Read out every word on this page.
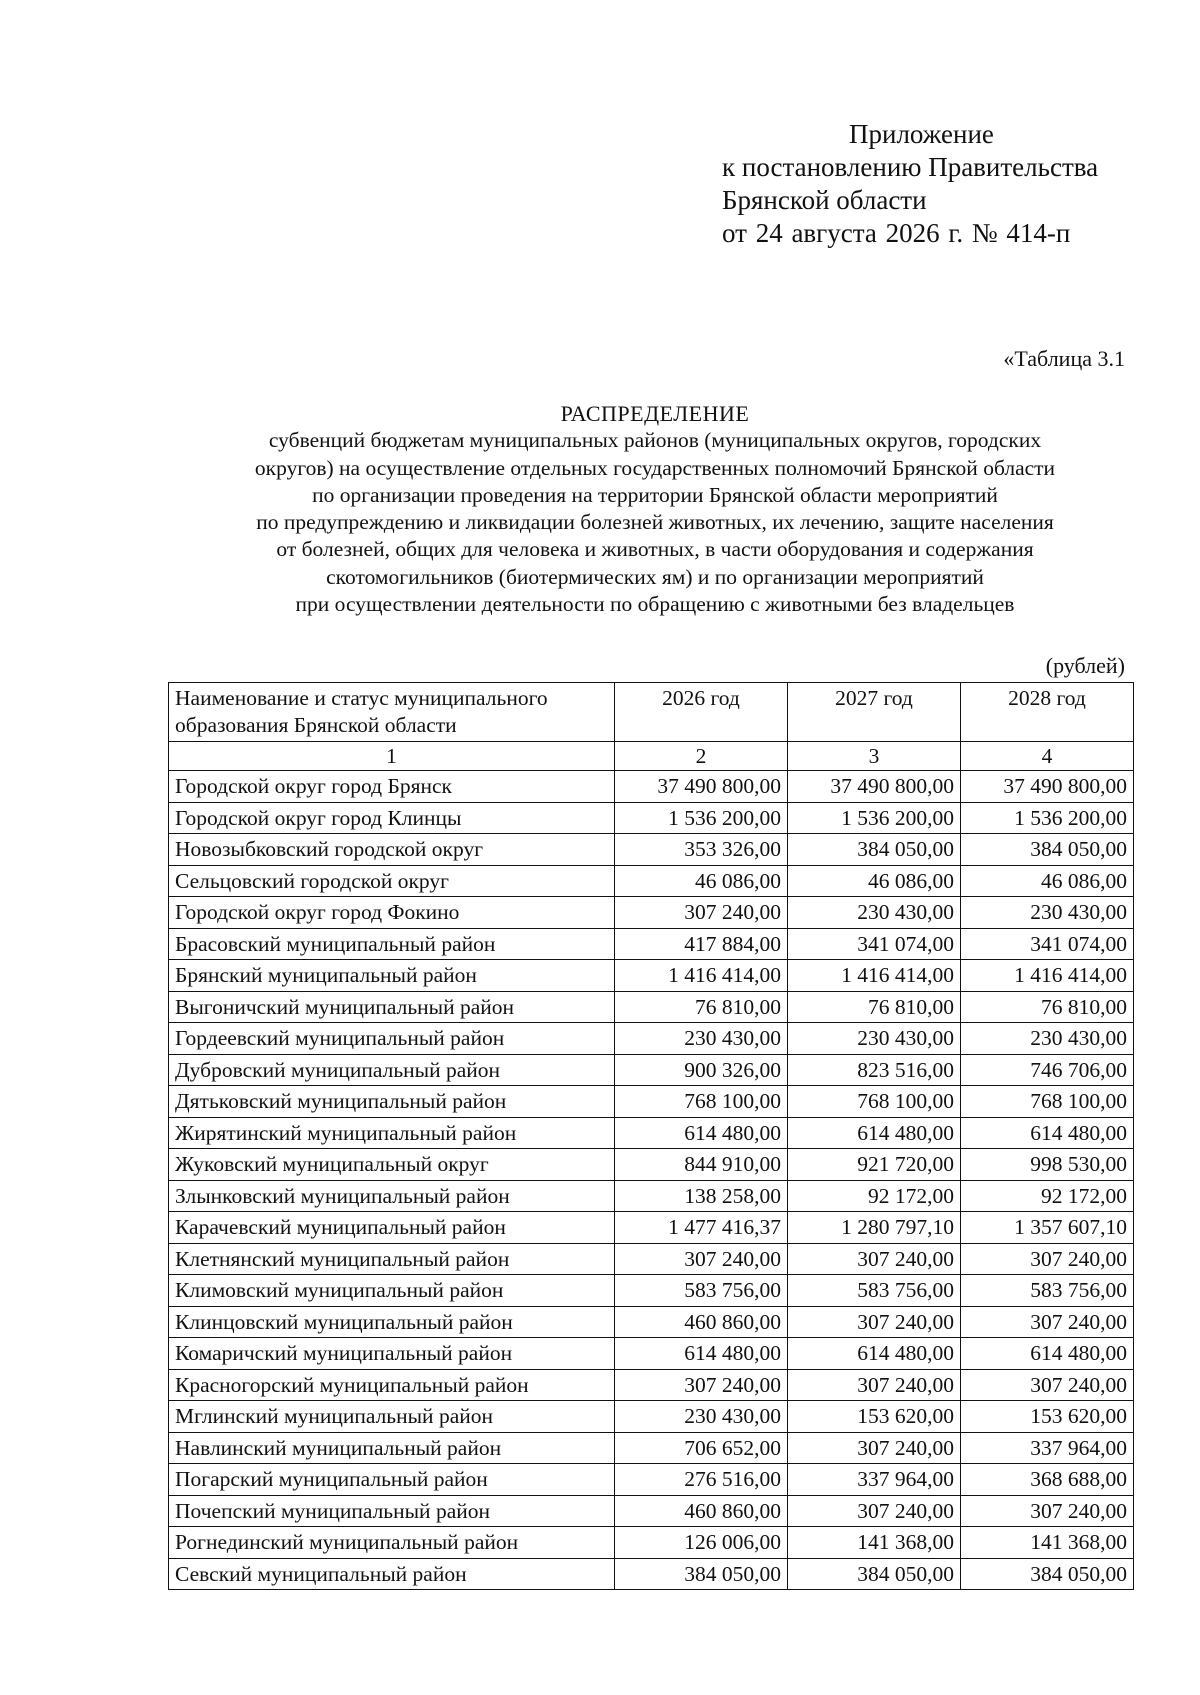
Приложение
к постановлению Правительства
Брянской области
от 24 августа 2026 г. № 414-п
«Таблица 3.1
РАСПРЕДЕЛЕНИЕ
субвенций бюджетам муниципальных районов (муниципальных округов, городских
округов) на осуществление отдельных государственных полномочий Брянской области
по организации проведения на территории Брянской области мероприятий
по предупреждению и ликвидации болезней животных, их лечению, защите населения
от болезней, общих для человека и животных, в части оборудования и содержания
скотомогильников (биотермических ям) и по организации мероприятий
при осуществлении деятельности по обращению с животными без владельцев
(рублей)
Наименование и статус муниципального образования Брянской области	2026 год	2027 год	2028 год
1	2	3	4
Городской округ город Брянск	37 490 800,00	37 490 800,00	37 490 800,00
Городской округ город Клинцы	1 536 200,00	1 536 200,00	1 536 200,00
Новозыбковский городской округ	353 326,00	384 050,00	384 050,00
Сельцовский городской округ	46 086,00	46 086,00	46 086,00
Городской округ город Фокино	307 240,00	230 430,00	230 430,00
Брасовский муниципальный район	417 884,00	341 074,00	341 074,00
Брянский муниципальный район	1 416 414,00	1 416 414,00	1 416 414,00
Выгоничский муниципальный район	76 810,00	76 810,00	76 810,00
Гордеевский муниципальный район	230 430,00	230 430,00	230 430,00
Дубровский муниципальный район	900 326,00	823 516,00	746 706,00
Дятьковский муниципальный район	768 100,00	768 100,00	768 100,00
Жирятинский муниципальный район	614 480,00	614 480,00	614 480,00
Жуковский муниципальный округ	844 910,00	921 720,00	998 530,00
Злынковский муниципальный район	138 258,00	92 172,00	92 172,00
Карачевский муниципальный район	1 477 416,37	1 280 797,10	1 357 607,10
Клетнянский муниципальный район	307 240,00	307 240,00	307 240,00
Климовский муниципальный район	583 756,00	583 756,00	583 756,00
Клинцовский муниципальный район	460 860,00	307 240,00	307 240,00
Комаричский муниципальный район	614 480,00	614 480,00	614 480,00
Красногорский муниципальный район	307 240,00	307 240,00	307 240,00
Мглинский муниципальный район	230 430,00	153 620,00	153 620,00
Навлинский муниципальный район	706 652,00	307 240,00	337 964,00
Погарский муниципальный район	276 516,00	337 964,00	368 688,00
Почепский муниципальный район	460 860,00	307 240,00	307 240,00
Рогнединский муниципальный район	126 006,00	141 368,00	141 368,00
Севский муниципальный район	384 050,00	384 050,00	384 050,00
